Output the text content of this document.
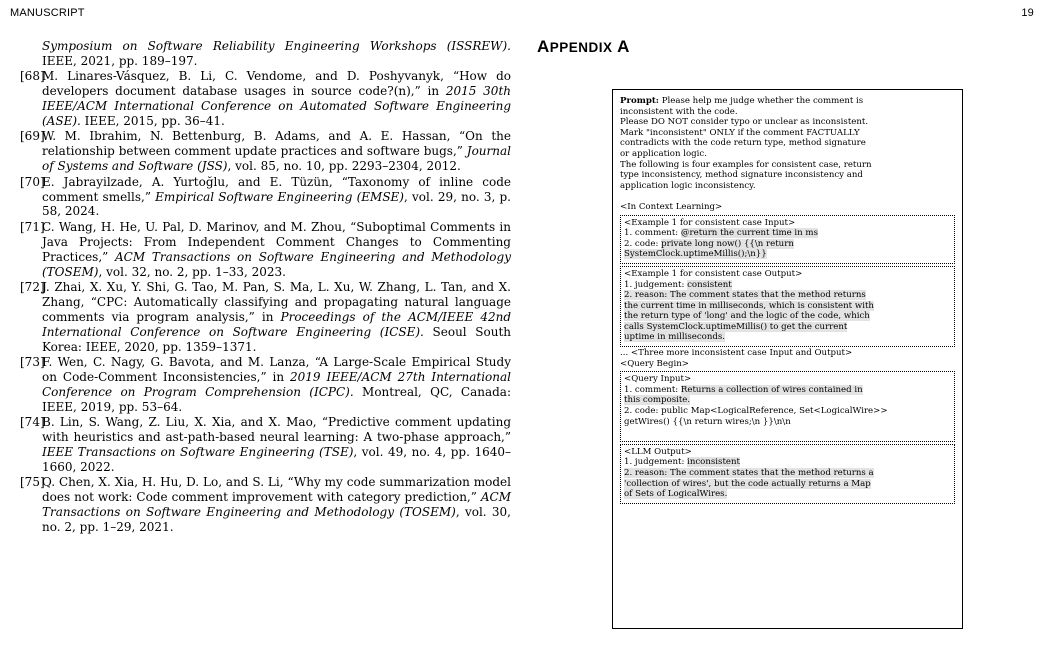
MANUSCRIPT	19
Symposium on Software Reliability Engineering Workshops (ISSREW). IEEE, 2021, pp. 189–197.
[68]
M. Linares-Vásquez, B. Li, C. Vendome, and D. Poshyvanyk, “How do developers document database usages in source code?(n),” in 2015 30th IEEE/ACM International Conference on Automated Software Engineering (ASE). IEEE, 2015, pp. 36–41.
[69]
W. M. Ibrahim, N. Bettenburg, B. Adams, and A. E. Hassan, “On the relationship between comment update practices and software bugs,” Journal of Systems and Software (JSS), vol. 85, no. 10, pp. 2293–2304, 2012.
[70]
E. Jabrayilzade, A. Yurtoğlu, and E. Tüzün, “Taxonomy of inline code comment smells,” Empirical Software Engineering (EMSE), vol. 29, no. 3, p. 58, 2024.
[71]
C. Wang, H. He, U. Pal, D. Marinov, and M. Zhou, “Suboptimal Comments in Java Projects: From Independent Comment Changes to Commenting Practices,” ACM Transactions on Software Engineering and Methodology (TOSEM), vol. 32, no. 2, pp. 1–33, 2023.
[72]
J. Zhai, X. Xu, Y. Shi, G. Tao, M. Pan, S. Ma, L. Xu, W. Zhang, L. Tan, and X. Zhang, “CPC: Automatically classifying and propagating natural language comments via program analysis,” in Proceedings of the ACM/IEEE 42nd International Conference on Software Engineering (ICSE). Seoul South Korea: IEEE, 2020, pp. 1359–1371.
[73]
F. Wen, C. Nagy, G. Bavota, and M. Lanza, “A Large-Scale Empirical Study on Code-Comment Inconsistencies,” in 2019 IEEE/ACM 27th International Conference on Program Comprehension (ICPC). Montreal, QC, Canada: IEEE, 2019, pp. 53–64.
[74]
B. Lin, S. Wang, Z. Liu, X. Xia, and X. Mao, “Predictive comment updating with heuristics and ast-path-based neural learning: A two-phase approach,” IEEE Transactions on Software Engineering (TSE), vol. 49, no. 4, pp. 1640–1660, 2022.
[75]
Q. Chen, X. Xia, H. Hu, D. Lo, and S. Li, “Why my code summarization model does not work: Code comment improvement with category prediction,” ACM Transactions on Software Engineering and Methodology (TOSEM), vol. 30, no. 2, pp. 1–29, 2021.
APPENDIX A
Prompt: Please help me judge whether the comment is
inconsistent with the code.
Please DO NOT consider typo or unclear as inconsistent.
Mark "inconsistent" ONLY if the comment FACTUALLY
contradicts with the code return type, method signature
or application logic.
The following is four examples for consistent case, return
type inconsistency, method signature inconsistency and
application logic inconsistency.
<In Context Learning>
<Example 1 for consistent case Input>
1. comment: @return the current time in ms
2. code: private long now() {{\n return
SystemClock.uptimeMillis();\n}}
<Example 1 for consistent case Output>
1. judgement: consistent
2. reason: The comment states that the method returns
the current time in milliseconds, which is consistent with
the return type of 'long' and the logic of the code, which
calls SystemClock.uptimeMillis() to get the current
uptime in milliseconds.
... <Three more inconsistent case Input and Output>
<Query Begin>
<Query Input>
1. comment: Returns a collection of wires contained in
this composite.
2. code: public Map<LogicalReference, Set<LogicalWire>>
getWires() {{\n return wires;\n }}\n\n
<LLM Output>
1. judgement: inconsistent
2. reason: The comment states that the method returns a
'collection of wires', but the code actually returns a Map
of Sets of LogicalWires.
